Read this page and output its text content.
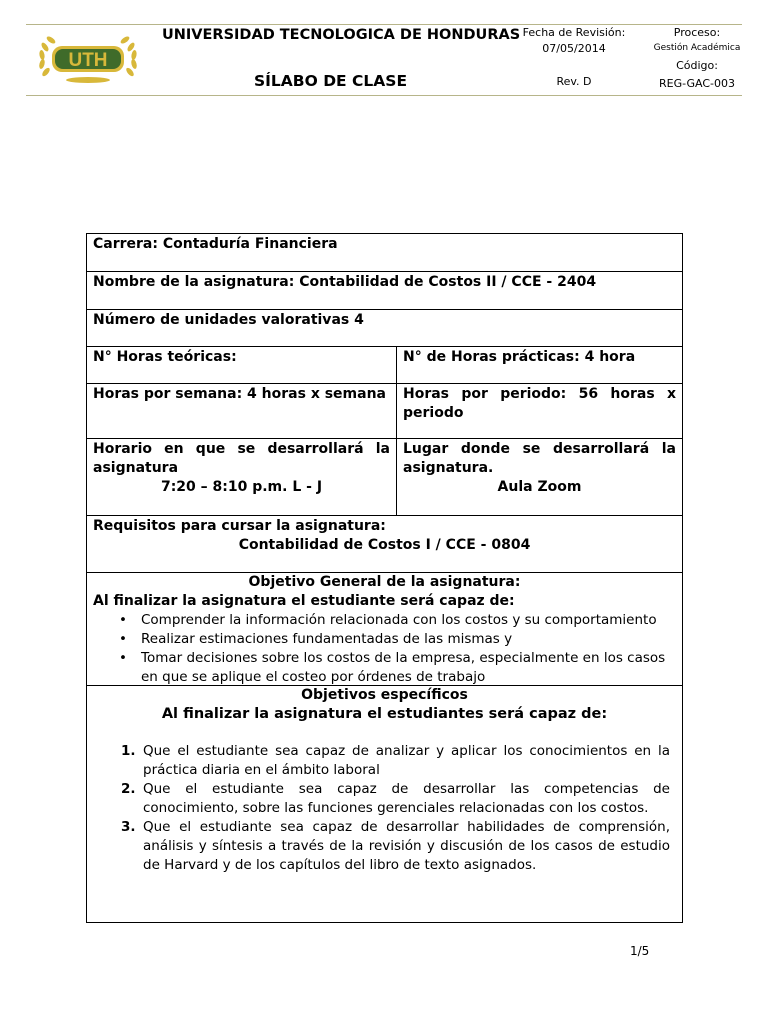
UTH
UNIVERSIDAD TECNOLOGICA DE HONDURAS
SÍLABO DE CLASE
Fecha de Revisión:
07/05/2014
Rev. D
Proceso:
Gestión Académica
Código:
REG-GAC-003
Carrera: Contaduría Financiera
Nombre de la asignatura: Contabilidad de Costos II / CCE - 2404
Número de unidades valorativas 4
N° Horas teóricas:	N° de Horas prácticas: 4 hora
Horas por semana: 4 horas x semana	Horas por periodo: 56 horas x periodo
Horario en que se desarrollará la asignatura
7:20 – 8:10 p.m. L - J
Lugar donde se desarrollará la asignatura.
Aula Zoom
Requisitos para cursar la asignatura:
Contabilidad de Costos I / CCE - 0804
Objetivo General de la asignatura:
Al finalizar la asignatura el estudiante será capaz de:
• Comprender la información relacionada con los costos y su comportamiento
• Realizar estimaciones fundamentadas de las mismas y
• Tomar decisiones sobre los costos de la empresa, especialmente en los casos en que se aplique el costeo por órdenes de trabajo
Objetivos específicos
Al finalizar la asignatura el estudiantes será capaz de:
1. Que el estudiante sea capaz de analizar y aplicar los conocimientos en la práctica diaria en el ámbito laboral
2. Que el estudiante sea capaz de desarrollar las competencias de conocimiento, sobre las funciones gerenciales relacionadas con los costos.
3. Que el estudiante sea capaz de desarrollar habilidades de comprensión, análisis y síntesis a través de la revisión y discusión de los casos de estudio de Harvard y de los capítulos del libro de texto asignados.
1/5
